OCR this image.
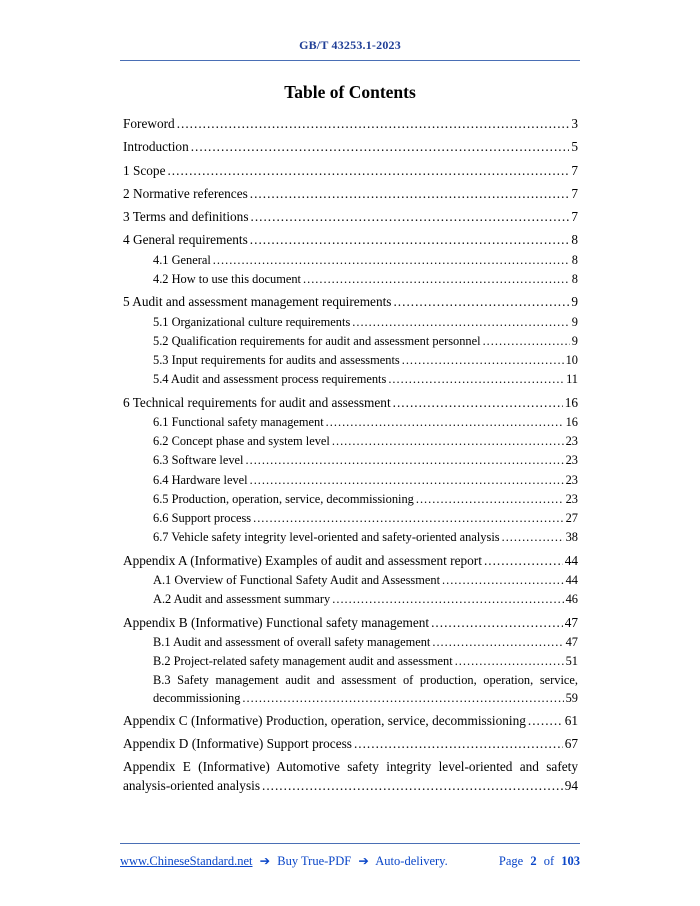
GB/T 43253.1-2023
Table of Contents
Foreword .....	3
Introduction .....	5
1 Scope .....	7
2 Normative references .....	7
3 Terms and definitions .....	7
4 General requirements .....	8
4.1 General .....	8
4.2 How to use this document .....	8
5 Audit and assessment management requirements .....	9
5.1 Organizational culture requirements .....	9
5.2 Qualification requirements for audit and assessment personnel .....	9
5.3 Input requirements for audits and assessments .....	10
5.4 Audit and assessment process requirements .....	11
6 Technical requirements for audit and assessment .....	16
6.1 Functional safety management .....	16
6.2 Concept phase and system level .....	23
6.3 Software level .....	23
6.4 Hardware level .....	23
6.5 Production, operation, service, decommissioning .....	23
6.6 Support process .....	27
6.7 Vehicle safety integrity level-oriented and safety-oriented analysis .....	38
Appendix A (Informative) Examples of audit and assessment report .....	44
A.1 Overview of Functional Safety Audit and Assessment .....	44
A.2 Audit and assessment summary .....	46
Appendix B (Informative) Functional safety management .....	47
B.1 Audit and assessment of overall safety management .....	47
B.2 Project-related safety management audit and assessment .....	51
B.3 Safety management audit and assessment of production, operation, service,
decommissioning .....	59
Appendix C (Informative) Production, operation, service, decommissioning .....	61
Appendix D (Informative) Support process .....	67
Appendix E (Informative) Automotive safety integrity level-oriented and safety
analysis-oriented analysis .....	94
www.ChineseStandard.net ➔ Buy True-PDF ➔ Auto-delivery.	Page 2 of 103
